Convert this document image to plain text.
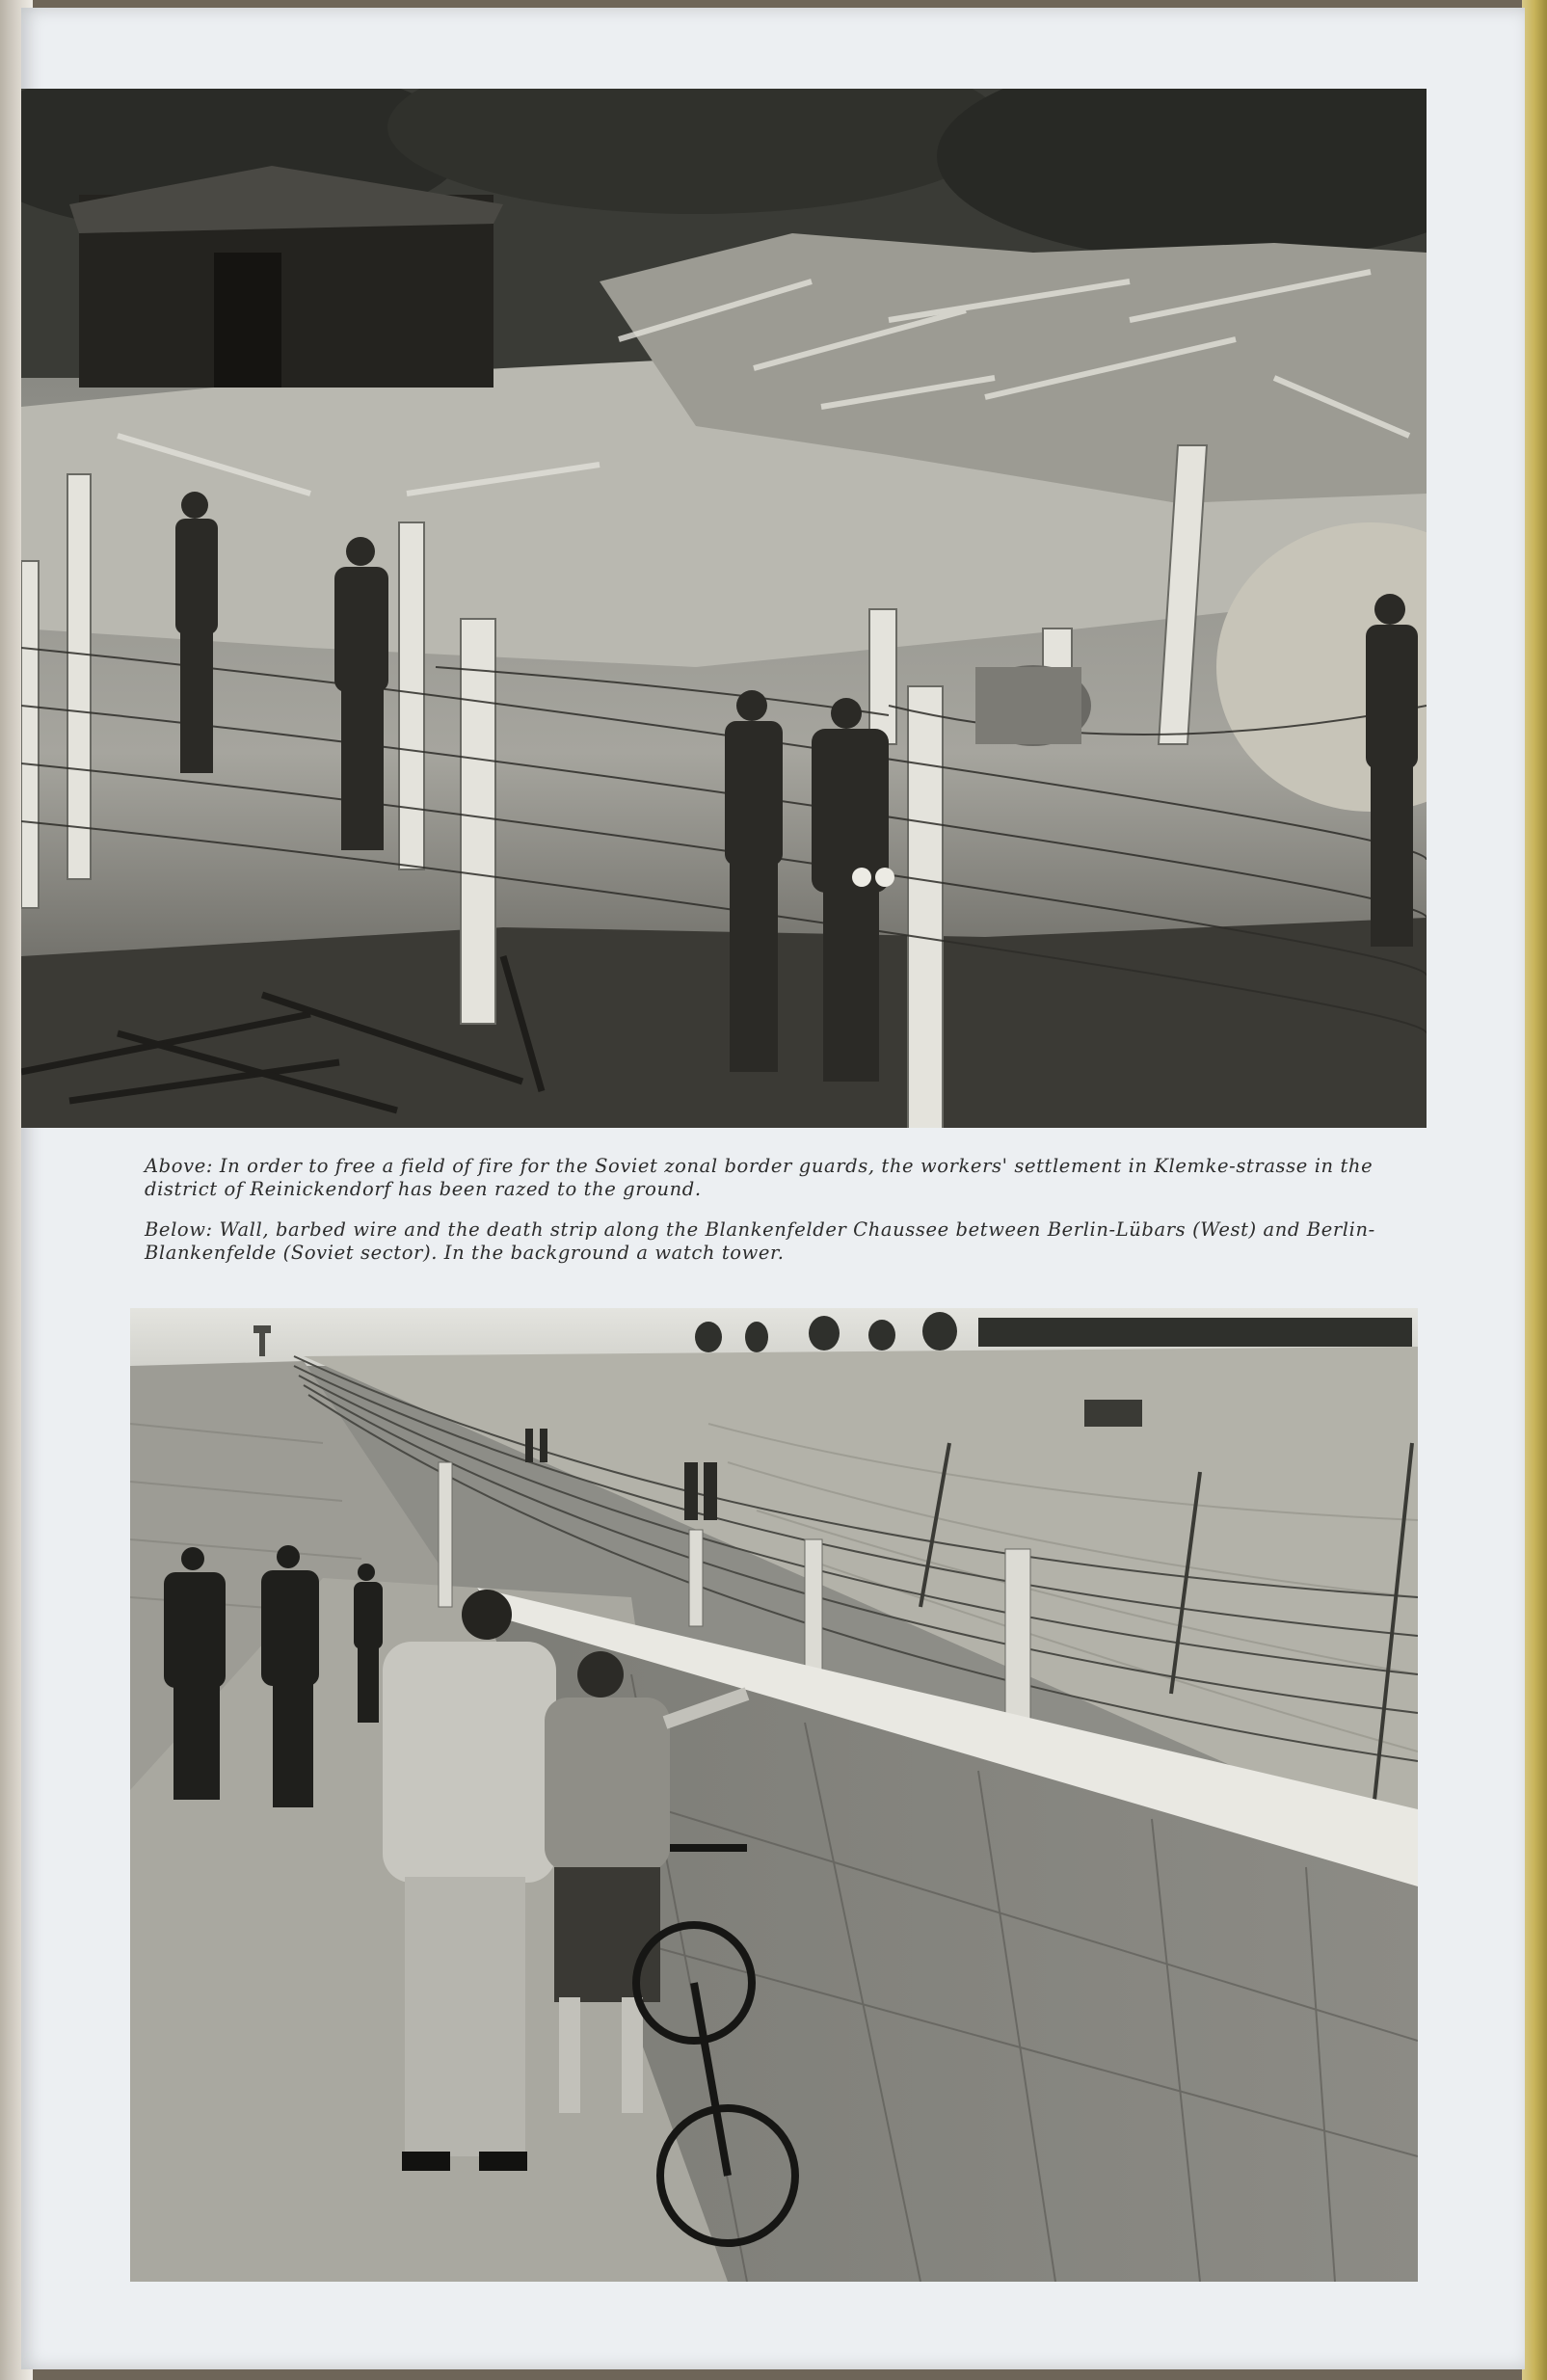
Above: In order to free a field of fire for the Soviet zonal border guards, the workers' settlement in Klemke-strasse in the district of Reinickendorf has been razed to the ground.

Below: Wall, barbed wire and the death strip along the Blankenfelder Chaussee between Berlin-Lübars (West) and Berlin-Blankenfelde (Soviet sector). In the background a watch tower.
